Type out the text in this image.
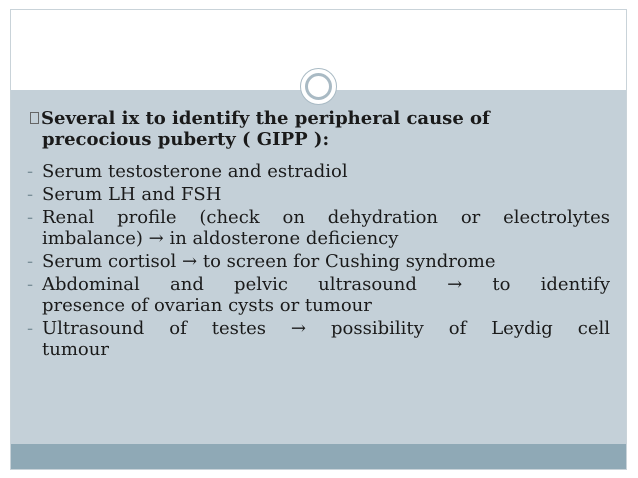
Several ix to identify the peripheral cause of
precocious puberty ( GIPP ):

- Serum testosterone and estradiol
- Serum LH and FSH
- Renal profile (check on dehydration or electrolytes
imbalance) → in aldosterone deficiency
- Serum cortisol → to screen for Cushing syndrome
- Abdominal and pelvic ultrasound → to identify
presence of ovarian cysts or tumour
- Ultrasound of testes → possibility of Leydig cell
tumour
